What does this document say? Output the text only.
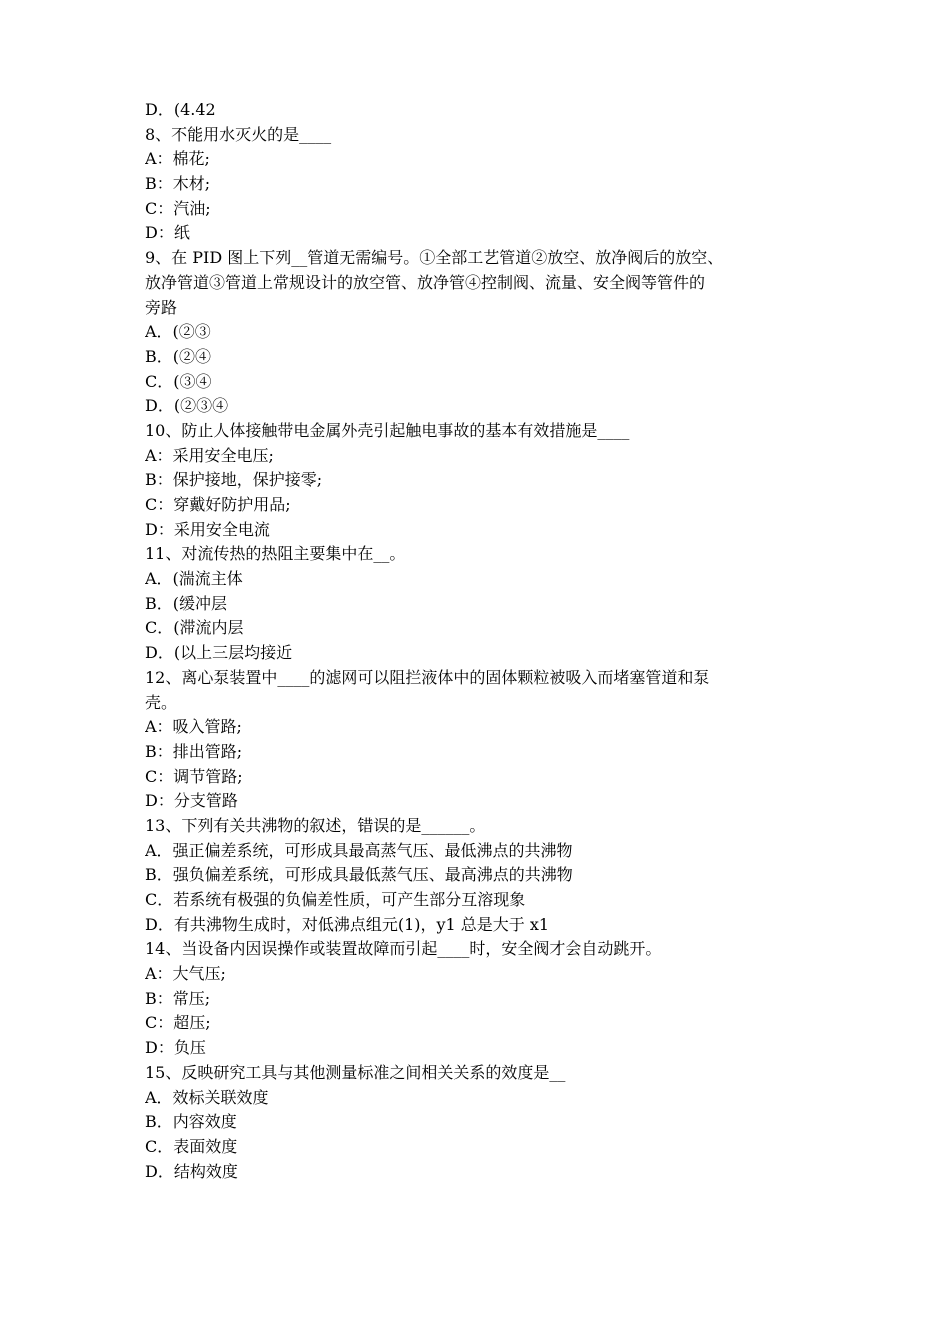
D．(4.42
8、不能用水灭火的是____
A：棉花;
B：木材;
C：汽油;
D：纸
9、在 PID 图上下列__管道无需编号。①全部工艺管道②放空、放净阀后的放空、
放净管道③管道上常规设计的放空管、放净管④控制阀、流量、安全阀等管件的
旁路
A．(②③
B．(②④
C．(③④
D．(②③④
10、防止人体接触带电金属外壳引起触电事故的基本有效措施是____
A：采用安全电压;
B：保护接地，保护接零;
C：穿戴好防护用品;
D：采用安全电流
11、对流传热的热阻主要集中在__。
A．(湍流主体
B．(缓冲层
C．(滞流内层
D．(以上三层均接近
12、离心泵装置中____的滤网可以阻拦液体中的固体颗粒被吸入而堵塞管道和泵
壳。
A：吸入管路;
B：排出管路;
C：调节管路;
D：分支管路
13、下列有关共沸物的叙述，错误的是______。
A．强正偏差系统，可形成具最高蒸气压、最低沸点的共沸物
B．强负偏差系统，可形成具最低蒸气压、最高沸点的共沸物
C．若系统有极强的负偏差性质，可产生部分互溶现象
D．有共沸物生成时，对低沸点组元(1)，y1 总是大于 x1
14、当设备内因误操作或装置故障而引起____时，安全阀才会自动跳开。
A：大气压;
B：常压;
C：超压;
D：负压
15、反映研究工具与其他测量标准之间相关关系的效度是__
A．效标关联效度
B．内容效度
C．表面效度
D．结构效度
